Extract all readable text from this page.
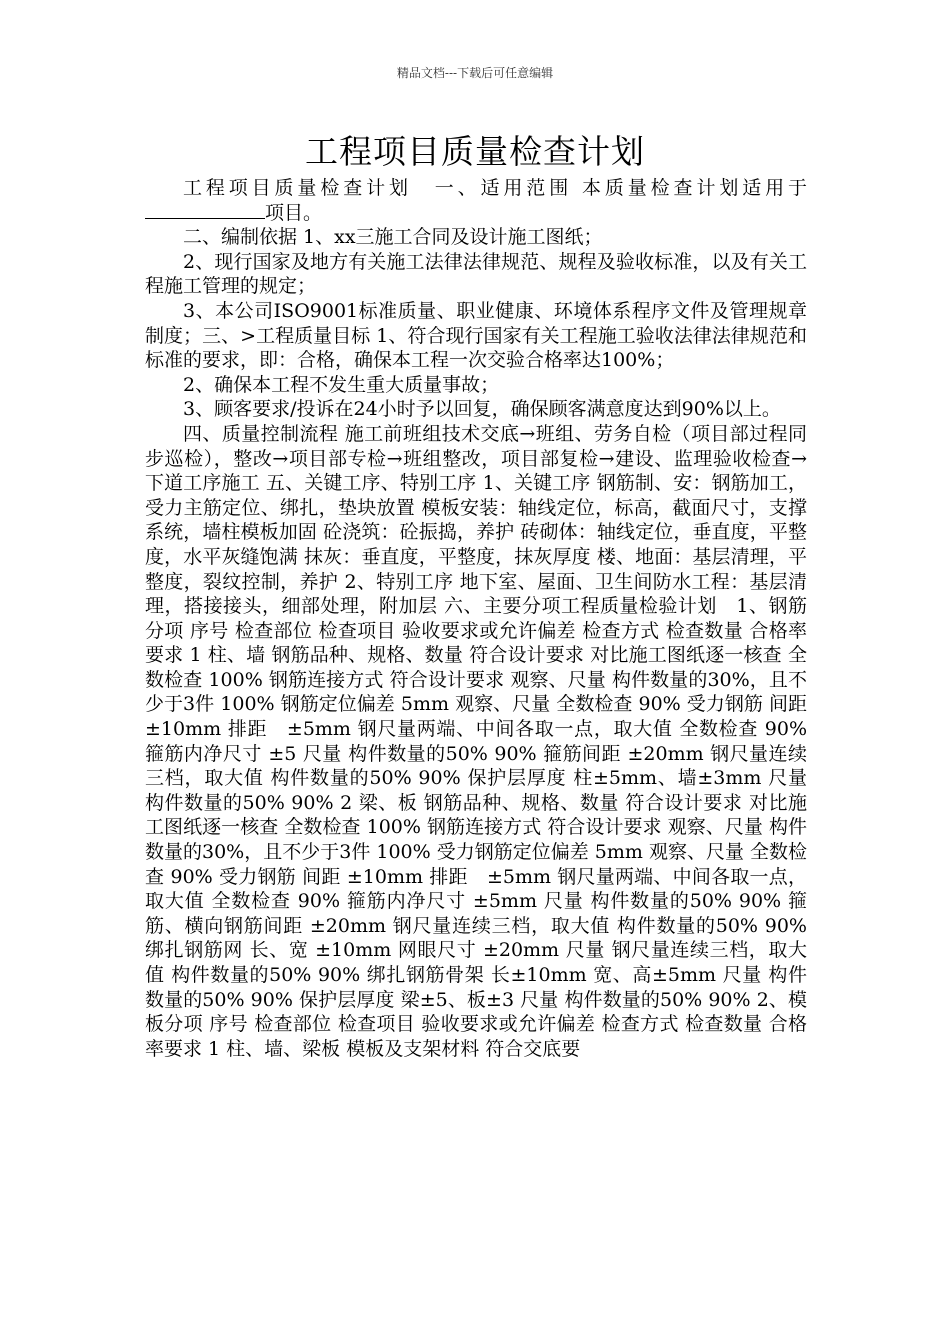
精品文档---下载后可任意编辑
工程项目质量检查计划

工程项目质量检查计划　一、适用范围 本质量检查计划适用于项目。

二、编制依据 1、xx三施工合同及设计施工图纸；

2、现行国家及地方有关施工法律法律规范、规程及验收标准，以及有关工程施工管理的规定；

3、本公司ISO9001标准质量、职业健康、环境体系程序文件及管理规章制度；三、>工程质量目标 1、符合现行国家有关工程施工验收法律法律规范和标准的要求，即：合格，确保本工程一次交验合格率达100%；

2、确保本工程不发生重大质量事故；

3、顾客要求/投诉在24小时予以回复，确保顾客满意度达到90%以上。

四、质量控制流程 施工前班组技术交底→班组、劳务自检（项目部过程同步巡检），整改→项目部专检→班组整改，项目部复检→建设、监理验收检查→下道工序施工 五、关键工序、特别工序 1、关键工序 钢筋制、安：钢筋加工，受力主筋定位、绑扎，垫块放置 模板安装：轴线定位，标高，截面尺寸，支撑系统，墙柱模板加固 砼浇筑：砼振捣，养护 砖砌体：轴线定位，垂直度，平整度，水平灰缝饱满 抹灰：垂直度，平整度，抹灰厚度 楼、地面：基层清理，平整度，裂纹控制，养护 2、特别工序 地下室、屋面、卫生间防水工程：基层清理，搭接接头，细部处理，附加层 六、主要分项工程质量检验计划　1、钢筋分项 序号 检查部位 检查项目 验收要求或允许偏差 检查方式 检查数量 合格率要求 1 柱、墙 钢筋品种、规格、数量 符合设计要求 对比施工图纸逐一核查 全数检查 100% 钢筋连接方式 符合设计要求 观察、尺量 构件数量的30%，且不少于3件 100% 钢筋定位偏差 5mm 观察、尺量 全数检查 90% 受力钢筋 间距 ±10mm 排距　±5mm 钢尺量两端、中间各取一点，取大值 全数检查 90% 箍筋内净尺寸 ±5 尺量 构件数量的50% 90% 箍筋间距 ±20mm 钢尺量连续三档，取大值 构件数量的50% 90% 保护层厚度 柱±5mm、墙±3mm 尺量 构件数量的50% 90% 2 梁、板 钢筋品种、规格、数量 符合设计要求 对比施工图纸逐一核查 全数检查 100% 钢筋连接方式 符合设计要求 观察、尺量 构件数量的30%，且不少于3件 100% 受力钢筋定位偏差 5mm 观察、尺量 全数检查 90% 受力钢筋 间距 ±10mm 排距　±5mm 钢尺量两端、中间各取一点，取大值 全数检查 90% 箍筋内净尺寸 ±5mm 尺量 构件数量的50% 90% 箍筋、横向钢筋间距 ±20mm 钢尺量连续三档，取大值 构件数量的50% 90% 绑扎钢筋网 长、宽 ±10mm 网眼尺寸 ±20mm 尺量 钢尺量连续三档，取大值 构件数量的50% 90% 绑扎钢筋骨架 长±10mm 宽、高±5mm 尺量 构件数量的50% 90% 保护层厚度 梁±5、板±3 尺量 构件数量的50% 90% 2、模板分项 序号 检查部位 检查项目 验收要求或允许偏差 检查方式 检查数量 合格率要求 1 柱、墙、梁板 模板及支架材料 符合交底要
